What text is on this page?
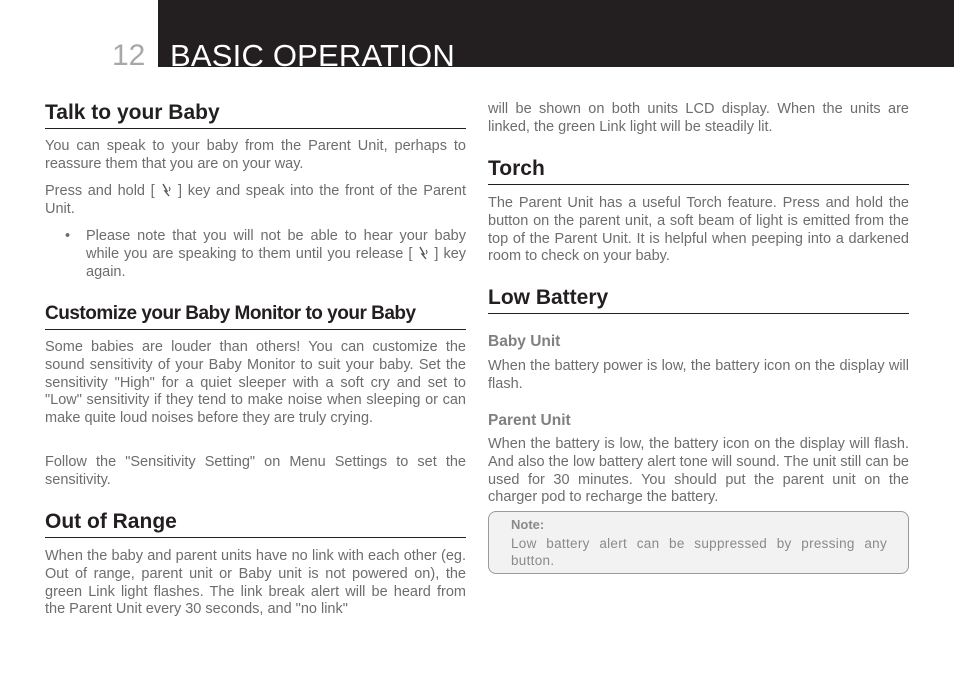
12 BASIC OPERATION
Talk to your Baby

You can speak to your baby from the Parent Unit, perhaps to reassure them that you are on your way.

Press and hold [ ] key and speak into the front of the Parent Unit.

• Please note that you will not be able to hear your baby while you are speaking to them until you release [ ] key again.

Customize your Baby Monitor to your Baby

Some babies are louder than others! You can customize the sound sensitivity of your Baby Monitor to suit your baby. Set the sensitivity "High" for a quiet sleeper with a soft cry and set to "Low" sensitivity if they tend to make noise when sleeping or can make quite loud noises before they are truly crying.

Follow the "Sensitivity Setting" on Menu Settings to set the sensitivity.

Out of Range

When the baby and parent units have no link with each other (eg. Out of range, parent unit or Baby unit is not powered on), the green Link light flashes. The link break alert will be heard from the Parent Unit every 30 seconds, and "no link"

will be shown on both units LCD display. When the units are linked, the green Link light will be steadily lit.

Torch

The Parent Unit has a useful Torch feature. Press and hold the button on the parent unit, a soft beam of light is emitted from the top of the Parent Unit. It is helpful when peeping into a darkened room to check on your baby.

Low Battery
Baby Unit

When the battery power is low, the battery icon on the display will flash.

Parent Unit

When the battery is low, the battery icon on the display will flash. And also the low battery alert tone will sound. The unit still can be used for 30 minutes. You should put the parent unit on the charger pod to recharge the battery.

Note:
Low battery alert can be suppressed by pressing any button.
